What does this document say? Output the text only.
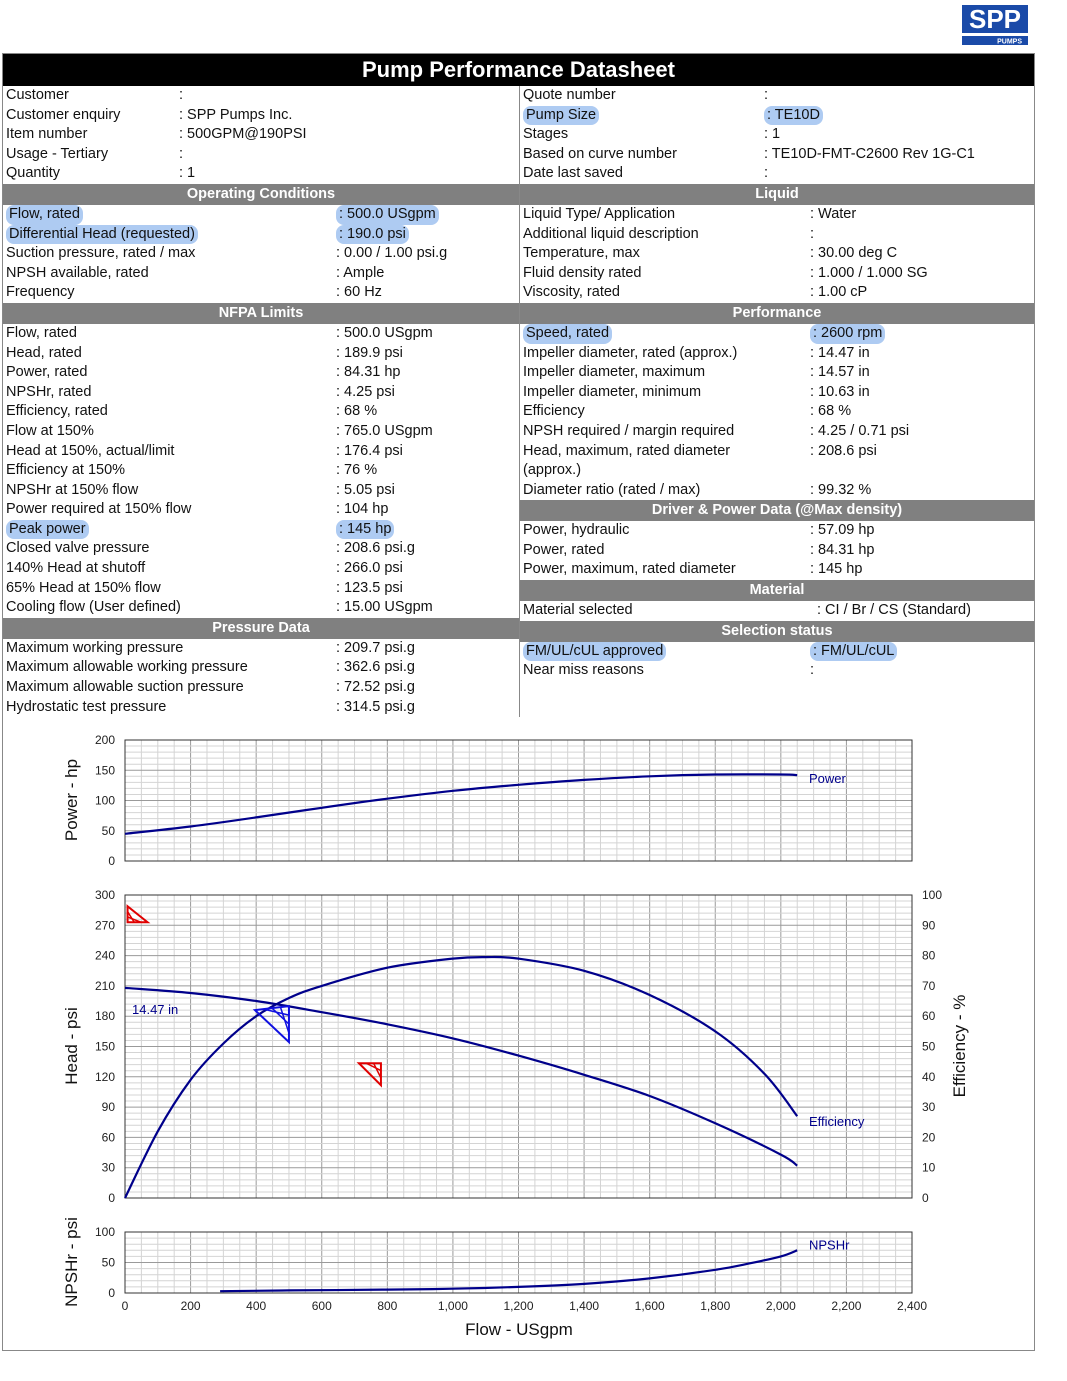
SPP
PUMPS
Pump Performance Datasheet
Customer	:
Customer enquiry	: SPP Pumps Inc.
Item number	: 500GPM@190PSI
Usage - Tertiary	:
Quantity	: 1
Operating Conditions
Flow, rated	: 500.0 USgpm
Differential Head (requested)	: 190.0 psi
Suction pressure, rated / max	: 0.00 / 1.00 psi.g
NPSH available, rated	: Ample
Frequency	: 60 Hz
NFPA Limits
Flow, rated	: 500.0 USgpm
Head, rated	: 189.9 psi
Power, rated	: 84.31 hp
NPSHr, rated	: 4.25 psi
Efficiency, rated	: 68 %
Flow at 150%	: 765.0 USgpm
Head at 150%, actual/limit	: 176.4 psi
Efficiency at 150%	: 76 %
NPSHr at 150% flow	: 5.05 psi
Power required at 150% flow	: 104 hp
Peak power	: 145 hp
Closed valve pressure	: 208.6 psi.g
140% Head at shutoff	: 266.0 psi
65% Head at 150% flow	: 123.5 psi
Cooling flow (User defined)	: 15.00 USgpm
Pressure Data
Maximum working pressure	: 209.7 psi.g
Maximum allowable working pressure	: 362.6 psi.g
Maximum allowable suction pressure	: 72.52 psi.g
Hydrostatic test pressure	: 314.5 psi.g
Quote number	:
Pump Size	: TE10D
Stages	: 1
Based on curve number	: TE10D-FMT-C2600 Rev 1G-C1
Date last saved	:
Liquid
Liquid Type/ Application	: Water
Additional liquid description	:
Temperature, max	: 30.00 deg C
Fluid density rated	: 1.000 / 1.000 SG
Viscosity, rated	: 1.00 cP
Performance
Speed, rated	: 2600 rpm
Impeller diameter, rated (approx.)	: 14.47 in
Impeller diameter, maximum	: 14.57 in
Impeller diameter, minimum	: 10.63 in
Efficiency	: 68 %
NPSH required / margin required	: 4.25 / 0.71 psi
Head, maximum, rated diameter	: 208.6 psi
(approx.)
Diameter ratio (rated / max)	: 99.32 %
Driver & Power Data (@Max density)
Power, hydraulic	: 57.09 hp
Power, rated	: 84.31 hp
Power, maximum, rated diameter	: 145 hp
Material
Material selected	: CI / Br / CS (Standard)
Selection status
FM/UL/cUL approved	: FM/UL/cUL
Near miss reasons	:
0
50
100
150
200
Power - hp	Power
0
30
60
90
120
150
180
210
240
270
300
Head - psi
0
10
20
30
40
50
60
70
80
90
100
Efficiency - %
Efficiency
14.47 in
0
50
100
NPSHr - psi	0	200	400	600	800	1,000	1,200	1,400	1,600	1,800	2,000	2,200	2,400
Flow - USgpm
NPSHr
